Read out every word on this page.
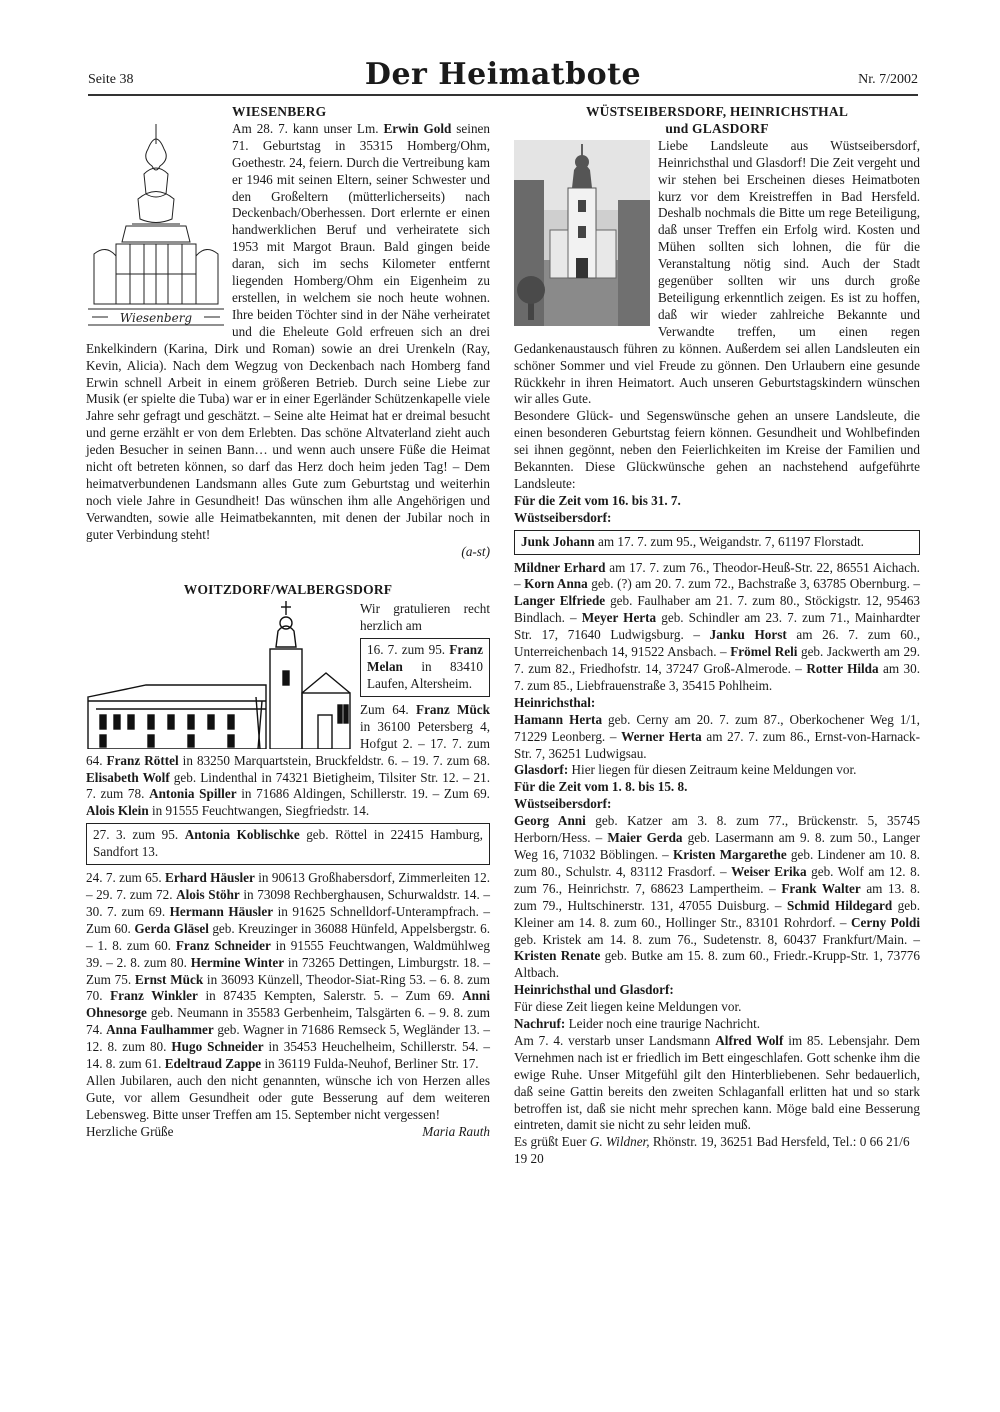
Seite 38	Der Heimatbote	Nr. 7/2002
Wiesenberg

WIESENBERG

Am 28. 7. kann unser Lm. Erwin Gold seinen 71. Geburtstag in 35315 Homberg/Ohm, Goethestr. 24, feiern. Durch die Vertreibung kam er 1946 mit seinen Eltern, seiner Schwester und den Großeltern (mütterlicherseits) nach Deckenbach/Oberhessen. Dort erlernte er einen handwerklichen Beruf und verheiratete sich 1953 mit Margot Braun. Bald gingen beide daran, sich im sechs Kilometer entfernt liegenden Homberg/Ohm ein Eigenheim zu erstellen, in welchem sie noch heute wohnen. Ihre beiden Töchter sind in der Nähe verheiratet und die Eheleute Gold erfreuen sich an drei Enkelkindern (Karina, Dirk und Roman) sowie an drei Urenkeln (Ray, Kevin, Alicia). Nach dem Wegzug von Deckenbach nach Homberg fand Erwin schnell Arbeit in einem größeren Betrieb. Durch seine Liebe zur Musik (er spielte die Tuba) war er in einer Egerländer Schützenkapelle viele Jahre sehr gefragt und geschätzt. – Seine alte Heimat hat er dreimal besucht und gerne erzählt er von dem Erlebten. Das schöne Altvaterland zieht auch jeden Besucher in seinen Bann… und wenn auch unsere Füße die Heimat nicht oft betreten können, so darf das Herz doch heim jeden Tag! – Dem heimatverbundenen Landsmann alles Gute zum Geburtstag und weiterhin noch viele Jahre in Gesundheit! Das wünschen ihm alle Angehörigen und Verwandten, sowie alle Heimatbekannten, mit denen der Jubilar noch in guter Verbindung steht!

(a-st)

WOITZDORF/WALBERGSDORF

Wir gratulieren recht herzlich am

16. 7. zum 95. Franz Melan in 83410 Laufen, Altersheim.

Zum 64. Franz Mück in 36100 Petersberg 4, Hofgut 2. – 17. 7. zum 64. Franz Röttel in 83250 Marquartstein, Bruckfeldstr. 6. – 19. 7. zum 68. Elisabeth Wolf geb. Lindenthal in 74321 Bietigheim, Tilsiter Str. 12. – 21. 7. zum 78. Antonia Spiller in 71686 Aldingen, Schillerstr. 19. – Zum 69. Alois Klein in 91555 Feuchtwangen, Siegfriedstr. 14.

27. 3. zum 95. Antonia Koblischke geb. Röttel in 22415 Hamburg, Sandfort 13.

24. 7. zum 65. Erhard Häusler in 90613 Großhabersdorf, Zimmerleiten 12. – 29. 7. zum 72. Alois Stöhr in 73098 Rechberghausen, Schurwaldstr. 14. – 30. 7. zum 69. Hermann Häusler in 91625 Schnelldorf-Unterampfrach. – Zum 60. Gerda Gläsel geb. Kreuzinger in 36088 Hünfeld, Appelsbergstr. 6. – 1. 8. zum 60. Franz Schneider in 91555 Feuchtwangen, Waldmühlweg 39. – 2. 8. zum 80. Hermine Winter in 73265 Dettingen, Limburgstr. 18. – Zum 75. Ernst Mück in 36093 Künzell, Theodor-Siat-Ring 53. – 6. 8. zum 70. Franz Winkler in 87435 Kempten, Salerstr. 5. – Zum 69. Anni Ohnesorge geb. Neumann in 35583 Gerbenheim, Talsgärten 6. – 9. 8. zum 74. Anna Faulhammer geb. Wagner in 71686 Remseck 5, Wegländer 13. – 12. 8. zum 80. Hugo Schneider in 35453 Heuchelheim, Schillerstr. 54. – 14. 8. zum 61. Edeltraud Zappe in 36119 Fulda-Neuhof, Berliner Str. 17.

Allen Jubilaren, auch den nicht genannten, wünsche ich von Herzen alles Gute, vor allem Gesundheit oder gute Besserung auf dem weiteren Lebensweg. Bitte unser Treffen am 15. September nicht vergessen!

Herzliche Grüße	Maria Rauth

WÜSTSEIBERSDORF, HEINRICHSTHAL

und GLASDORF

Liebe Landsleute aus Wüstseibersdorf, Heinrichsthal und Glasdorf! Die Zeit vergeht und wir stehen bei Erscheinen dieses Heimatboten kurz vor dem Kreistreffen in Bad Hersfeld. Deshalb nochmals die Bitte um rege Beteiligung, daß unser Treffen ein Erfolg wird. Kosten und Mühen sollten sich lohnen, die für die Veranstaltung nötig sind. Auch der Stadt gegenüber sollten wir uns durch große Beteiligung erkenntlich zeigen. Es ist zu hoffen, daß wir wieder zahlreiche Bekannte und Verwandte treffen, um einen regen Gedankenaustausch führen zu können. Außerdem sei allen Landsleuten ein schöner Sommer und viel Freude zu gönnen. Den Urlaubern eine gesunde Rückkehr in ihren Heimatort. Auch unseren Geburtstagskindern wünschen wir alles Gute.

Besondere Glück- und Segenswünsche gehen an unsere Landsleute, die einen besonderen Geburtstag feiern können. Gesundheit und Wohlbefinden sei ihnen gegönnt, neben den Feierlichkeiten im Kreise der Familien und Bekannten. Diese Glückwünsche gehen an nachstehend aufgeführte Landsleute:

Für die Zeit vom 16. bis 31. 7.

Wüstseibersdorf:

Junk Johann am 17. 7. zum 95., Weigandstr. 7, 61197 Florstadt.

Mildner Erhard am 17. 7. zum 76., Theodor-Heuß-Str. 22, 86551 Aichach. – Korn Anna geb. (?) am 20. 7. zum 72., Bachstraße 3, 63785 Obernburg. – Langer Elfriede geb. Faulhaber am 21. 7. zum 80., Stöckigstr. 12, 95463 Bindlach. – Meyer Herta geb. Schindler am 23. 7. zum 71., Mainhardter Str. 17, 71640 Ludwigsburg. – Janku Horst am 26. 7. zum 60., Unterreichenbach 14, 91522 Ansbach. – Frömel Reli geb. Jackwerth am 29. 7. zum 82., Friedhofstr. 14, 37247 Groß-Almerode. – Rotter Hilda am 30. 7. zum 85., Liebfrauenstraße 3, 35415 Pohlheim.

Heinrichsthal:

Hamann Herta geb. Cerny am 20. 7. zum 87., Oberkochener Weg 1/1, 71229 Leonberg. – Werner Herta am 27. 7. zum 86., Ernst-von-Harnack-Str. 7, 36251 Ludwigsau.

Glasdorf: Hier liegen für diesen Zeitraum keine Meldungen vor.

Für die Zeit vom 1. 8. bis 15. 8.

Wüstseibersdorf:

Georg Anni geb. Katzer am 3. 8. zum 77., Brückenstr. 5, 35745 Herborn/Hess. – Maier Gerda geb. Lasermann am 9. 8. zum 50., Langer Weg 16, 71032 Böblingen. – Kristen Margarethe geb. Lindener am 10. 8. zum 80., Schulstr. 4, 83112 Frasdorf. – Weiser Erika geb. Wolf am 12. 8. zum 76., Heinrichstr. 7, 68623 Lampertheim. – Frank Walter am 13. 8. zum 79., Hultschinerstr. 131, 47055 Duisburg. – Schmid Hildegard geb. Kleiner am 14. 8. zum 60., Hollinger Str., 83101 Rohrdorf. – Cerny Poldi geb. Kristek am 14. 8. zum 76., Sudetenstr. 8, 60437 Frankfurt/Main. – Kristen Renate geb. Butke am 15. 8. zum 60., Friedr.-Krupp-Str. 1, 73776 Altbach.

Heinrichsthal und Glasdorf:

Für diese Zeit liegen keine Meldungen vor.

Nachruf: Leider noch eine traurige Nachricht.

Am 7. 4. verstarb unser Landsmann Alfred Wolf im 85. Lebensjahr. Dem Vernehmen nach ist er friedlich im Bett eingeschlafen. Gott schenke ihm die ewige Ruhe. Unser Mitgefühl gilt den Hinterbliebenen. Sehr bedauerlich, daß seine Gattin bereits den zweiten Schlaganfall erlitten hat und so stark betroffen ist, daß sie nicht mehr sprechen kann. Möge bald eine Besserung eintreten, damit sie nicht zu sehr leiden muß.

Es grüßt Euer G. Wildner, Rhönstr. 19, 36251 Bad Hersfeld, Tel.: 0 66 21/6 19 20
